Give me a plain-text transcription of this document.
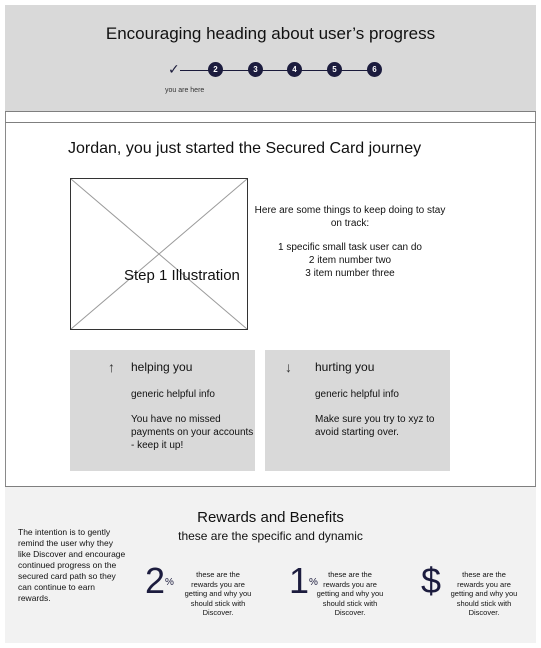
Encouraging heading about user’s progress
✓	2	3	4	5	6
you are here
Jordan, you just started the Secured Card journey
Step 1 Illustration
Here are some things to keep doing to stay on track:
1 specific small task user can do
2 item number two
3 item number three
↑ helping you
generic helpful info
You have no missed payments on your accounts - keep it up!
↓ hurting you
generic helpful info
Make sure you try to xyz to avoid starting over.
Rewards and Benefits
these are the specific and dynamic
The intention is to gently remind the user why they like Discover and encourage continued progress on the secured card path so they can continue to earn rewards.	2%
these are the rewards you are getting and why you should stick with Discover.
1%
these are the rewards you are getting and why you should stick with Discover.
$	these are the rewards you are getting and why you should stick with Discover.
